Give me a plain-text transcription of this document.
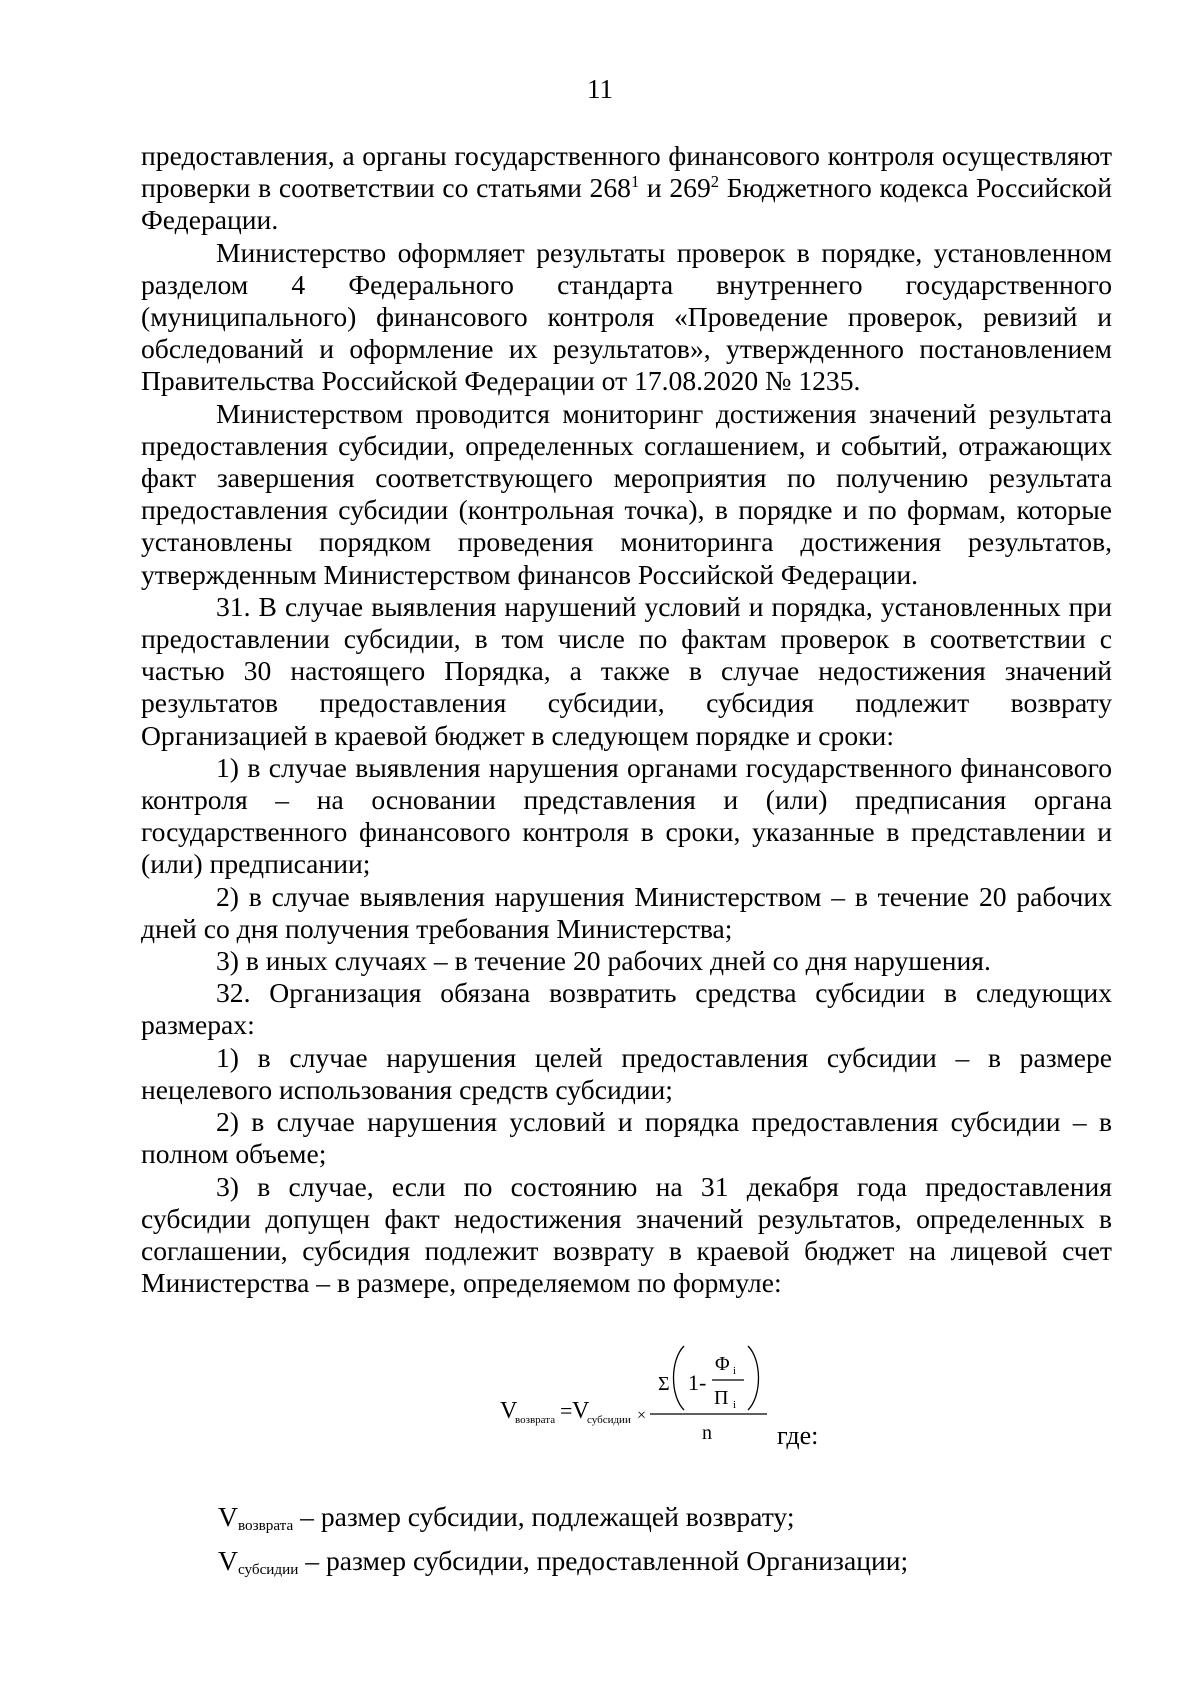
11

предоставления, а органы государственного финансового контроля осуществляют проверки в соответствии со статьями 268$^1$ и 269$^2$ Бюджетного кодекса Российской Федерации.

Министерство оформляет результаты проверок в порядке, установленном разделом 4 Федерального стандарта внутреннего государственного (муниципального) финансового контроля «Проведение проверок, ревизий и обследований и оформление их результатов», утвержденного постановлением Правительства Российской Федерации от 17.08.2020 № 1235.

Министерством проводится мониторинг достижения значений результата предоставления субсидии, определенных соглашением, и событий, отражающих факт завершения соответствующего мероприятия по получению результата предоставления субсидии (контрольная точка), в порядке и по формам, которые установлены порядком проведения мониторинга достижения результатов, утвержденным Министерством финансов Российской Федерации.

31. В случае выявления нарушений условий и порядка, установленных при предоставлении субсидии, в том числе по фактам проверок в соответствии с частью 30 настоящего Порядка, а также в случае недостижения значений результатов предоставления субсидии, субсидия подлежит возврату Организацией в краевой бюджет в следующем порядке и сроки:

1) в случае выявления нарушения органами государственного финансового контроля – на основании представления и (или) предписания органа государственного финансового контроля в сроки, указанные в представлении и (или) предписании;

2) в случае выявления нарушения Министерством – в течение 20 рабочих дней со дня получения требования Министерства;

3) в иных случаях – в течение 20 рабочих дней со дня нарушения.

32. Организация обязана возвратить средства субсидии в следующих размерах:

1) в случае нарушения целей предоставления субсидии – в размере нецелевого использования средств субсидии;

2) в случае нарушения условий и порядка предоставления субсидии – в полном объеме;

3) в случае, если по состоянию на 31 декабря года предоставления субсидии допущен факт недостижения значений результатов, определенных в соглашении, субсидия подлежит возврату в краевой бюджет на лицевой счет Министерства – в размере, определяемом по формуле:

V
возврата = V
субсидии ×
Σ 1-
Φ i
П i
n	где:

Vвозврата – размер субсидии, подлежащей возврату;

Vсубсидии – размер субсидии, предоставленной Организации;
